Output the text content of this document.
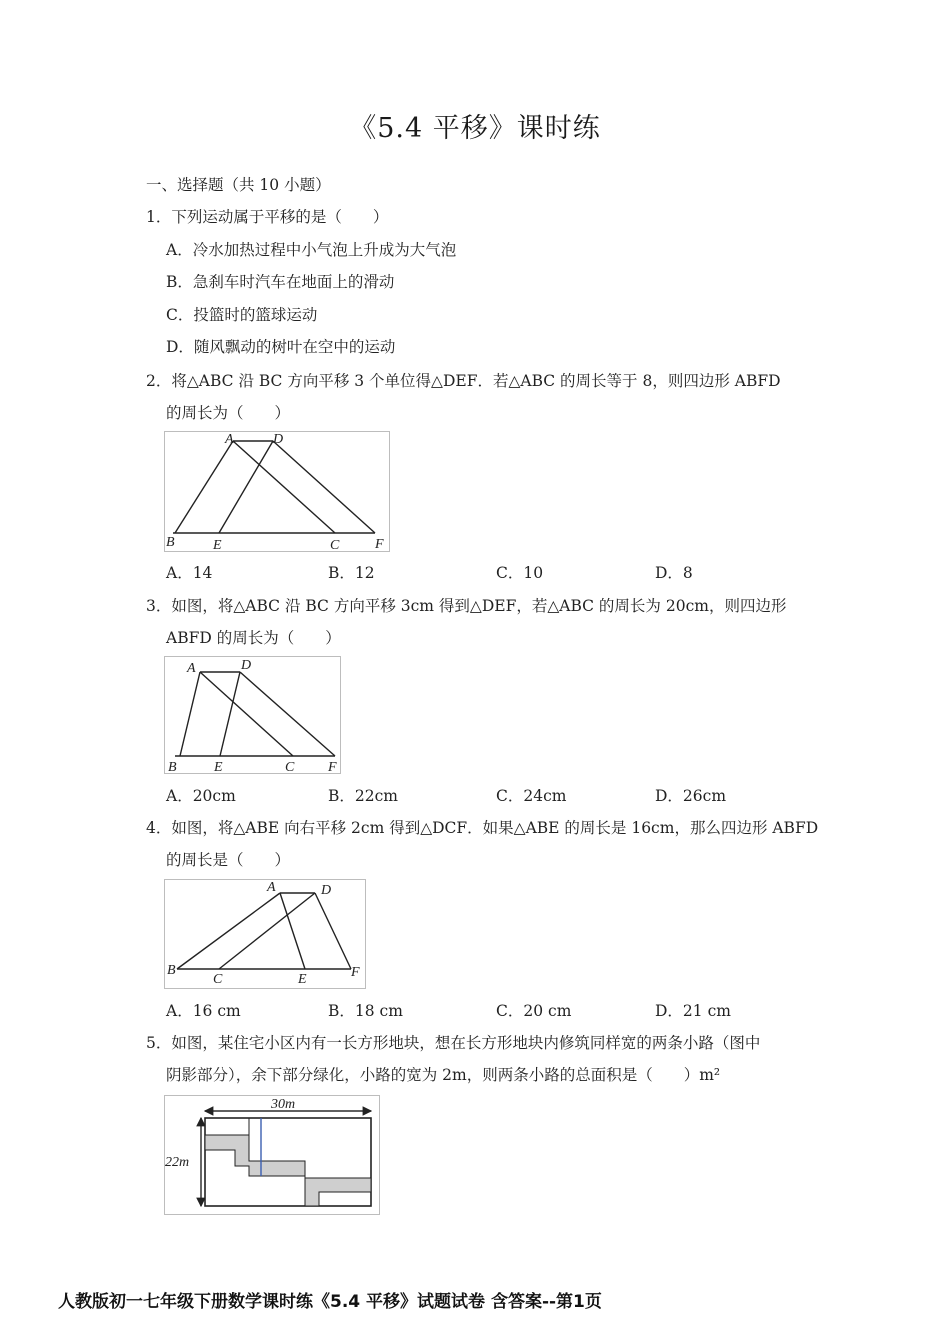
《5.4 平移》课时练
一、选择题（共 10 小题）
1．下列运动属于平移的是（　　）
A．冷水加热过程中小气泡上升成为大气泡
B．急刹车时汽车在地面上的滑动
C．投篮时的篮球运动
D．随风飘动的树叶在空中的运动
2．将△ABC 沿 BC 方向平移 3 个单位得△DEF．若△ABC 的周长等于 8，则四边形 ABFD
的周长为（　　）
A	D
B	E	C	F
A．14	B．12	C．10	D．8
3．如图，将△ABC 沿 BC 方向平移 3cm 得到△DEF，若△ABC 的周长为 20cm，则四边形
ABFD 的周长为（　　）
A	D
B	E	C F
A．20cm	B．22cm	C．24cm	D．26cm
4．如图，将△ABE 向右平移 2cm 得到△DCF．如果△ABE 的周长是 16cm，那么四边形 ABFD
的周长是（　　）
A	D
B
C	E	F
A．16 cm	B．18 cm	C．20 cm	D．21 cm
5．如图，某住宅小区内有一长方形地块，想在长方形地块内修筑同样宽的两条小路（图中
阴影部分），余下部分绿化，小路的宽为 2m，则两条小路的总面积是（　　）m²
30m
22m
人教版初一七年级下册数学课时练《5.4 平移》试题试卷 含答案--第1页
